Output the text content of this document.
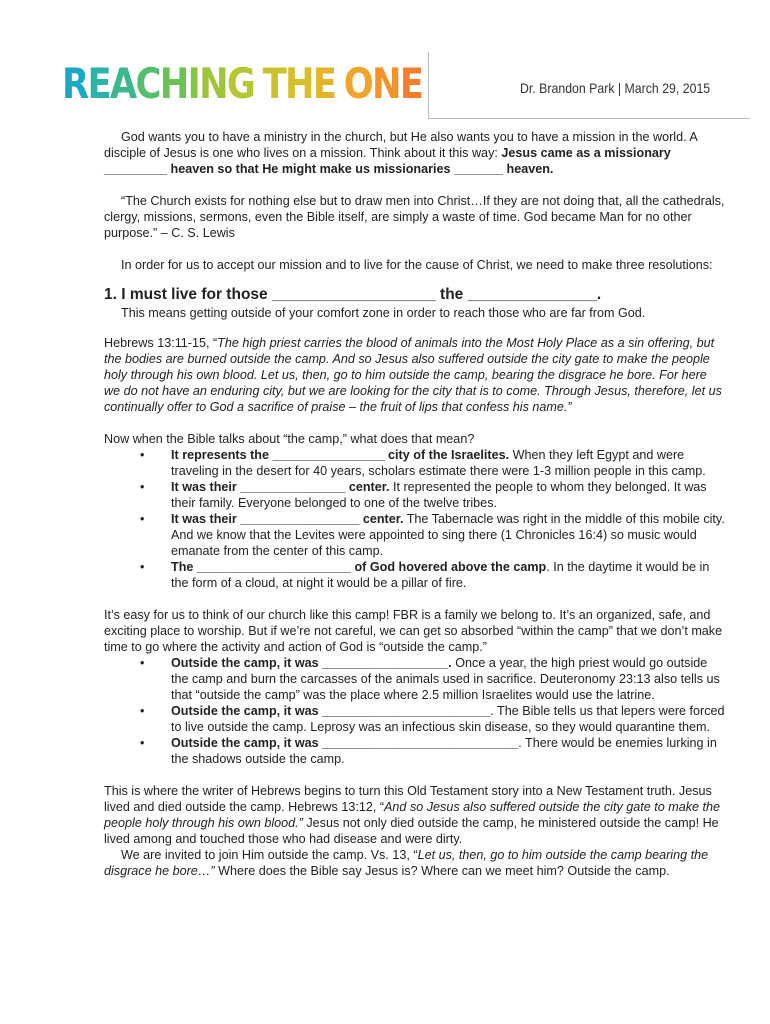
REACHING THE ONE	Dr. Brandon Park | March 29, 2015

God wants you to have a ministry in the church, but He also wants you to have a mission in the world. A disciple of Jesus is one who lives on a mission. Think about it this way: Jesus came as a missionary _________ heaven so that He might make us missionaries _______ heaven.

“The Church exists for nothing else but to draw men into Christ…If they are not doing that, all the cathedrals, clergy, missions, sermons, even the Bible itself, are simply a waste of time. God became Man for no other purpose.” – C. S. Lewis

In order for us to accept our mission and to live for the cause of Christ, we need to make three resolutions:

1. I must live for those ___________________ the _______________.

This means getting outside of your comfort zone in order to reach those who are far from God.

Hebrews 13:11-15, “The high priest carries the blood of animals into the Most Holy Place as a sin offering, but the bodies are burned outside the camp. And so Jesus also suffered outside the city gate to make the people holy through his own blood. Let us, then, go to him outside the camp, bearing the disgrace he bore. For here we do not have an enduring city, but we are looking for the city that is to come. Through Jesus, therefore, let us continually offer to God a sacrifice of praise – the fruit of lips that confess his name.”

Now when the Bible talks about “the camp,” what does that mean?

• It represents the ________________ city of the Israelites. When they left Egypt and were traveling in the desert for 40 years, scholars estimate there were 1-3 million people in this camp.
• It was their _______________ center. It represented the people to whom they belonged. It was their family. Everyone belonged to one of the twelve tribes.
• It was their _________________ center. The Tabernacle was right in the middle of this mobile city. And we know that the Levites were appointed to sing there (1 Chronicles 16:4) so music would emanate from the center of this camp.
• The ______________________ of God hovered above the camp. In the daytime it would be in the form of a cloud, at night it would be a pillar of fire.

It’s easy for us to think of our church like this camp! FBR is a family we belong to. It’s an organized, safe, and exciting place to worship. But if we’re not careful, we can get so absorbed “within the camp” that we don’t make time to go where the activity and action of God is “outside the camp.”

• Outside the camp, it was __________________. Once a year, the high priest would go outside the camp and burn the carcasses of the animals used in sacrifice. Deuteronomy 23:13 also tells us that “outside the camp” was the place where 2.5 million Israelites would use the latrine.
• Outside the camp, it was ________________________. The Bible tells us that lepers were forced to live outside the camp. Leprosy was an infectious skin disease, so they would quarantine them.
• Outside the camp, it was ____________________________. There would be enemies lurking in the shadows outside the camp.

This is where the writer of Hebrews begins to turn this Old Testament story into a New Testament truth. Jesus lived and died outside the camp. Hebrews 13:12, “And so Jesus also suffered outside the city gate to make the people holy through his own blood.” Jesus not only died outside the camp, he ministered outside the camp! He lived among and touched those who had disease and were dirty.

We are invited to join Him outside the camp. Vs. 13, “Let us, then, go to him outside the camp bearing the disgrace he bore…” Where does the Bible say Jesus is? Where can we meet him? Outside the camp.
